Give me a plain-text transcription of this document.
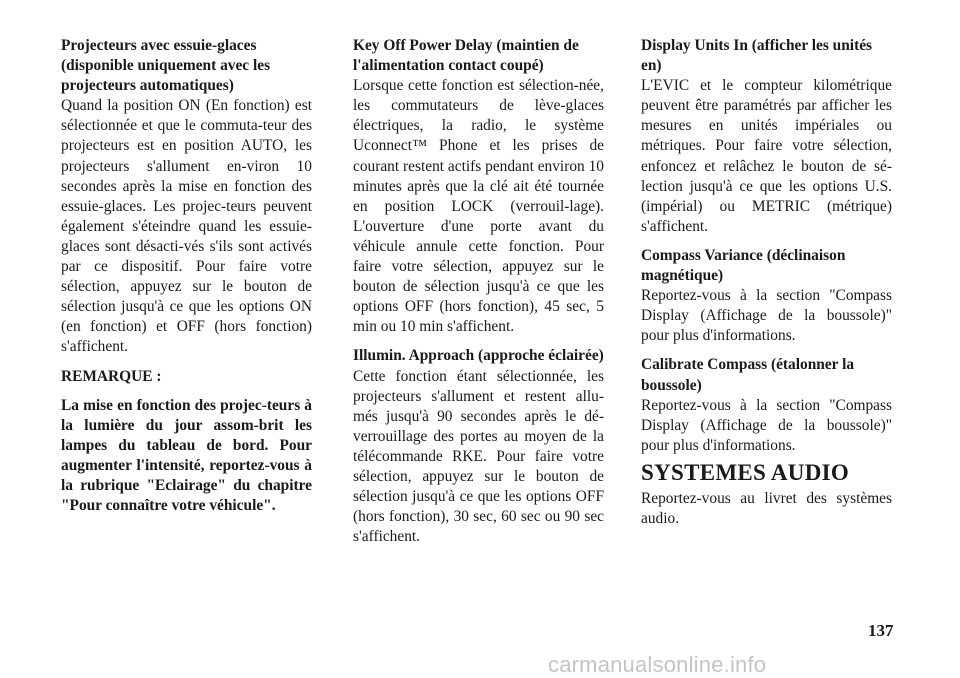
Projecteurs avec essuie-glaces (disponible uniquement avec les projecteurs automatiques)

Quand la position ON (En fonction) est sélectionnée et que le commuta-teur des projecteurs est en position AUTO, les projecteurs s'allument en-viron 10 secondes après la mise en fonction des essuie-glaces. Les projec-teurs peuvent également s'éteindre quand les essuie-glaces sont désacti-vés s'ils sont activés par ce dispositif. Pour faire votre sélection, appuyez sur le bouton de sélection jusqu'à ce que les options ON (en fonction) et OFF (hors fonction) s'affichent.

REMARQUE :

La mise en fonction des projec-teurs à la lumière du jour assom-brit les lampes du tableau de bord. Pour augmenter l'intensité, reportez-vous à la rubrique "Eclairage" du chapitre "Pour connaître votre véhicule".

Key Off Power Delay (maintien de l'alimentation contact coupé)

Lorsque cette fonction est sélection-née, les commutateurs de lève-glaces électriques, la radio, le système Uconnect™ Phone et les prises de courant restent actifs pendant environ 10 minutes après que la clé ait été tournée en position LOCK (verrouil-lage). L'ouverture d'une porte avant du véhicule annule cette fonction. Pour faire votre sélection, appuyez sur le bouton de sélection jusqu'à ce que les options OFF (hors fonction), 45 sec, 5 min ou 10 min s'affichent.

Illumin. Approach (approche éclairée)

Cette fonction étant sélectionnée, les projecteurs s'allument et restent allu-més jusqu'à 90 secondes après le dé-verrouillage des portes au moyen de la télécommande RKE. Pour faire votre sélection, appuyez sur le bouton de sélection jusqu'à ce que les options OFF (hors fonction), 30 sec, 60 sec ou 90 sec s'affichent.

Display Units In (afficher les unités en)

L'EVIC et le compteur kilométrique peuvent être paramétrés par afficher les mesures en unités impériales ou métriques. Pour faire votre sélection, enfoncez et relâchez le bouton de sé-lection jusqu'à ce que les options U.S. (impérial) ou METRIC (métrique) s'affichent.

Compass Variance (déclinaison magnétique)

Reportez-vous à la section "Compass Display (Affichage de la boussole)" pour plus d'informations.

Calibrate Compass (étalonner la boussole)

Reportez-vous à la section "Compass Display (Affichage de la boussole)" pour plus d'informations.

SYSTEMES AUDIO

Reportez-vous au livret des systèmes audio.

137
carmanualsonline.info
